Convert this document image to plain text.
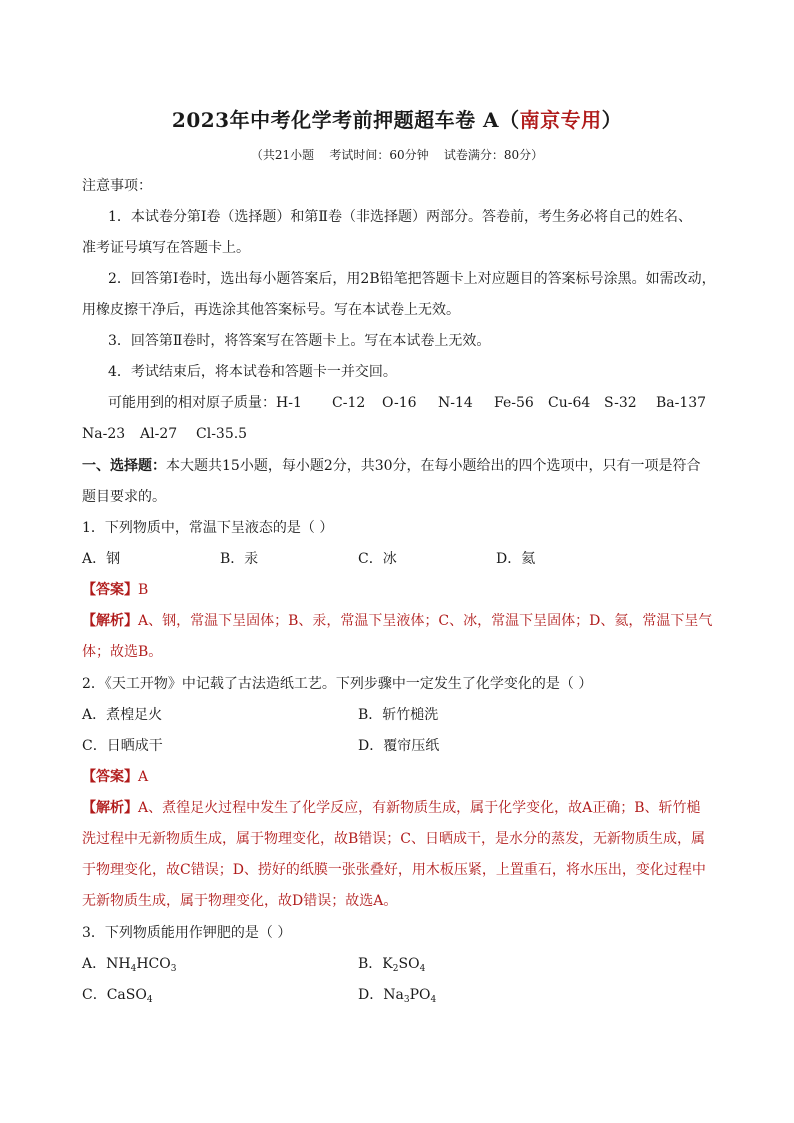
2023年中考化学考前押题超车卷 A（南京专用）
（共21小题    考试时间：60分钟    试卷满分：80分）
注意事项：
1．本试卷分第Ⅰ卷（选择题）和第Ⅱ卷（非选择题）两部分。答卷前，考生务必将自己的姓名、
准考证号填写在答题卡上。
2．回答第Ⅰ卷时，选出每小题答案后，用2B铅笔把答题卡上对应题目的答案标号涂黑。如需改动，
用橡皮擦干净后，再选涂其他答案标号。写在本试卷上无效。
3．回答第Ⅱ卷时，将答案写在答题卡上。写在本试卷上无效。
4．考试结束后，将本试卷和答题卡一并交回。
可能用到的相对原子质量：H-1 C-12 O-16 N-14 Fe-56 Cu-64 S-32 Ba-137
Na-23 Al-27 Cl-35.5
一、选择题：本大题共15小题，每小题2分，共30分，在每小题给出的四个选项中，只有一项是符合
题目要求的。
1．下列物质中，常温下呈液态的是（ ）
A．钢	B．汞	C．冰	D．氦
【答案】B
【解析】A、钢，常温下呈固体；B、汞，常温下呈液体；C、冰，常温下呈固体；D、氦，常温下呈气
体；故选B。
2．《天工开物》中记载了古法造纸工艺。下列步骤中一定发生了化学变化的是（ ）
A．煮楻足火	B．斩竹槌洗
C．日晒成干	D．覆帘压纸
【答案】A
【解析】A、煮徨足火过程中发生了化学反应，有新物质生成，属于化学变化，故A正确；B、斩竹槌
洗过程中无新物质生成，属于物理变化，故B错误；C、日晒成干，是水分的蒸发，无新物质生成，属
于物理变化，故C错误；D、捞好的纸膜一张张叠好，用木板压紧，上置重石，将水压出，变化过程中
无新物质生成，属于物理变化，故D错误；故选A。
3．下列物质能用作钾肥的是（ ）
A．$NH_4HCO_3$	B．$K_2SO_4$
C．CaSO$_4$	D．$Na_3PO_4$
